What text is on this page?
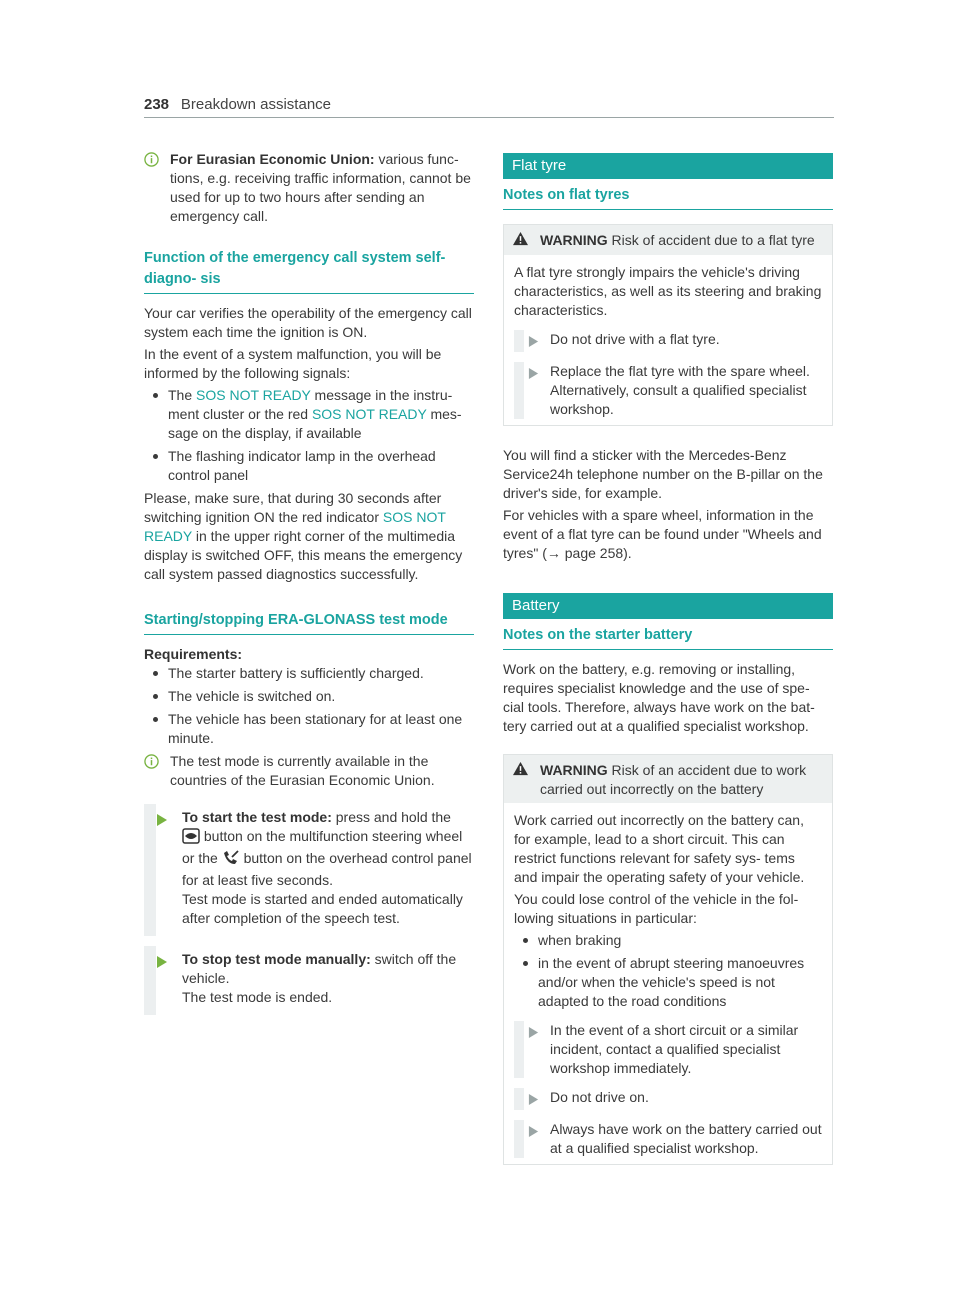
238 Breakdown assistance
For Eurasian Economic Union: various func- tions, e.g. receiving traffic information, cannot be used for up to two hours after sending an emergency call.
Function of the emergency call system self-diagno- sis

Your car verifies the operability of the emergency call system each time the ignition is ON.

In the event of a system malfunction, you will be informed by the following signals:

The SOS NOT READY message in the instru- ment cluster or the red SOS NOT READY mes- sage on the display, if available
The flashing indicator lamp in the overhead control panel

Please, make sure, that during 30 seconds after switching ignition ON the red indicator SOS NOT READY in the upper right corner of the multimedia display is switched OFF, this means the emergency call system passed diagnostics successfully.

Starting/stopping ERA-GLONASS test mode
Requirements:
The starter battery is sufficiently charged.
The vehicle is switched on.
The vehicle has been stationary for at least one minute.
The test mode is currently available in the countries of the Eurasian Economic Union.
To start the test mode: press and hold the
button on the multifunction steering wheel or the  button on the overhead control panel for at least five seconds.
Test mode is started and ended automatically after completion of the speech test.
To stop test mode manually: switch off the vehicle.
The test mode is ended.
Flat tyre
Notes on flat tyres
WARNING Risk of accident due to a flat tyre

A flat tyre strongly impairs the vehicle's driving characteristics, as well as its steering and braking characteristics.

Do not drive with a flat tyre.
Replace the flat tyre with the spare wheel. Alternatively, consult a qualified specialist workshop.

You will find a sticker with the Mercedes-Benz Service24h telephone number on the B-pillar on the driver's side, for example.

For vehicles with a spare wheel, information in the event of a flat tyre can be found under "Wheels and tyres" (→ page 258).

Battery
Notes on the starter battery

Work on the battery, e.g. removing or installing, requires specialist knowledge and the use of spe- cial tools. Therefore, always have work on the bat- tery carried out at a qualified specialist workshop.

WARNING Risk of an accident due to work carried out incorrectly on the battery

Work carried out incorrectly on the battery can, for example, lead to a short circuit. This can restrict functions relevant for safety sys- tems and impair the operating safety of your vehicle.

You could lose control of the vehicle in the fol- lowing situations in particular:

when braking
in the event of abrupt steering manoeuvres and/or when the vehicle's speed is not adapted to the road conditions
In the event of a short circuit or a similar incident, contact a qualified specialist workshop immediately.
Do not drive on.
Always have work on the battery carried out at a qualified specialist workshop.
